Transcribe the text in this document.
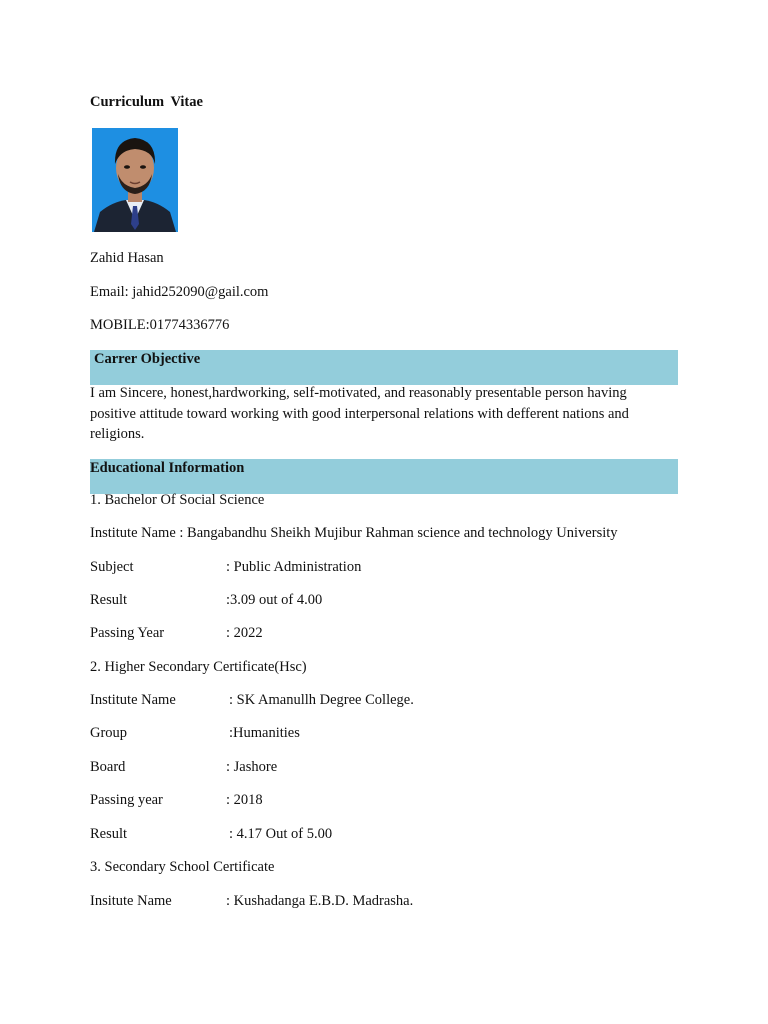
Curriculum Vitae
Zahid Hasan
Email: jahid252090@gail.com
MOBILE:01774336776
Carrer Objective
I am Sincere, honest,hardworking, self-motivated, and reasonably presentable person having positive attitude toward working with good interpersonal relations with defferent nations and religions.
Educational Information
1. Bachelor Of Social Science
Institute Name : Bangabandhu Sheikh Mujibur Rahman science and technology University
Subject	: Public Administration
Result	:3.09 out of 4.00
Passing Year	: 2022
2. Higher Secondary Certificate(Hsc)
Institute Name	: SK Amanullh Degree College.
Group	:Humanities
Board	: Jashore
Passing year	: 2018
Result	: 4.17 Out of 5.00
3. Secondary School Certificate
Insitute Name	: Kushadanga E.B.D. Madrasha.
